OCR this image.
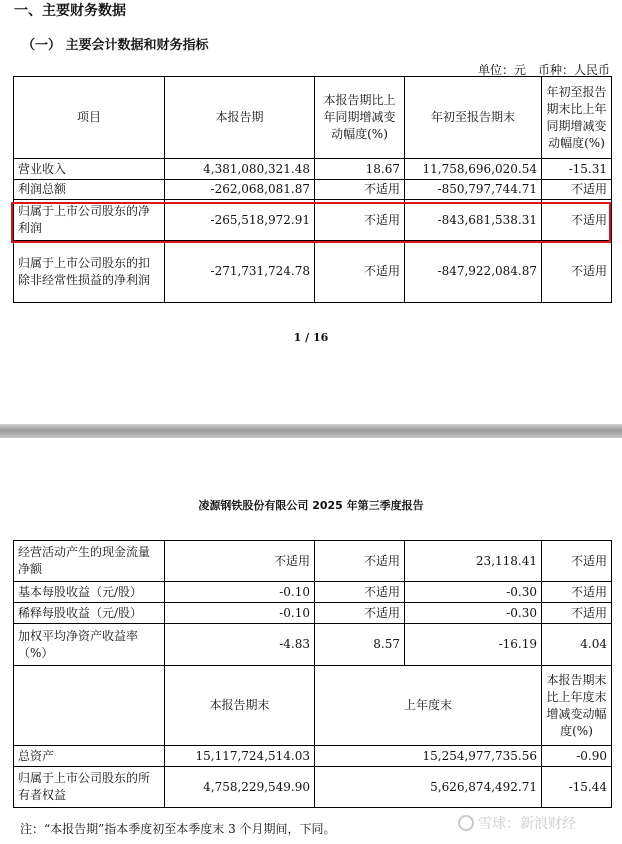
一、主要财务数据
（一） 主要会计数据和财务指标
单位：元　币种：人民币
项目	本报告期	本报告期比上年同期增减变动幅度(%)	年初至报告期末	年初至报告期末比上年同期增减变动幅度(%)
营业收入	4,381,080,321.48	18.67	11,758,696,020.54	-15.31
利润总额	-262,068,081.87	不适用	-850,797,744.71	不适用
归属于上市公司股东的净利润	-265,518,972.91	不适用	-843,681,538.31	不适用
归属于上市公司股东的扣除非经常性损益的净利润	-271,731,724.78	不适用	-847,922,084.87	不适用
1 / 16
凌源钢铁股份有限公司 2025 年第三季度报告
经营活动产生的现金流量净额	不适用	不适用	23,118.41	不适用
基本每股收益（元/股）	-0.10	不适用	-0.30	不适用
稀释每股收益（元/股）	-0.10	不适用	-0.30	不适用
加权平均净资产收益率（%）	-4.83	8.57	-16.19	4.04
	本报告期末	上年度末		本报告期末比上年度末增减变动幅度(%)
总资产	15,117,724,514.03	15,254,977,735.56		-0.90
归属于上市公司股东的所有者权益	4,758,229,549.90	5,626,874,492.71		-15.44
注：“本报告期”指本季度初至本季度末 3 个月期间，下同。	雪球：新浪财经
